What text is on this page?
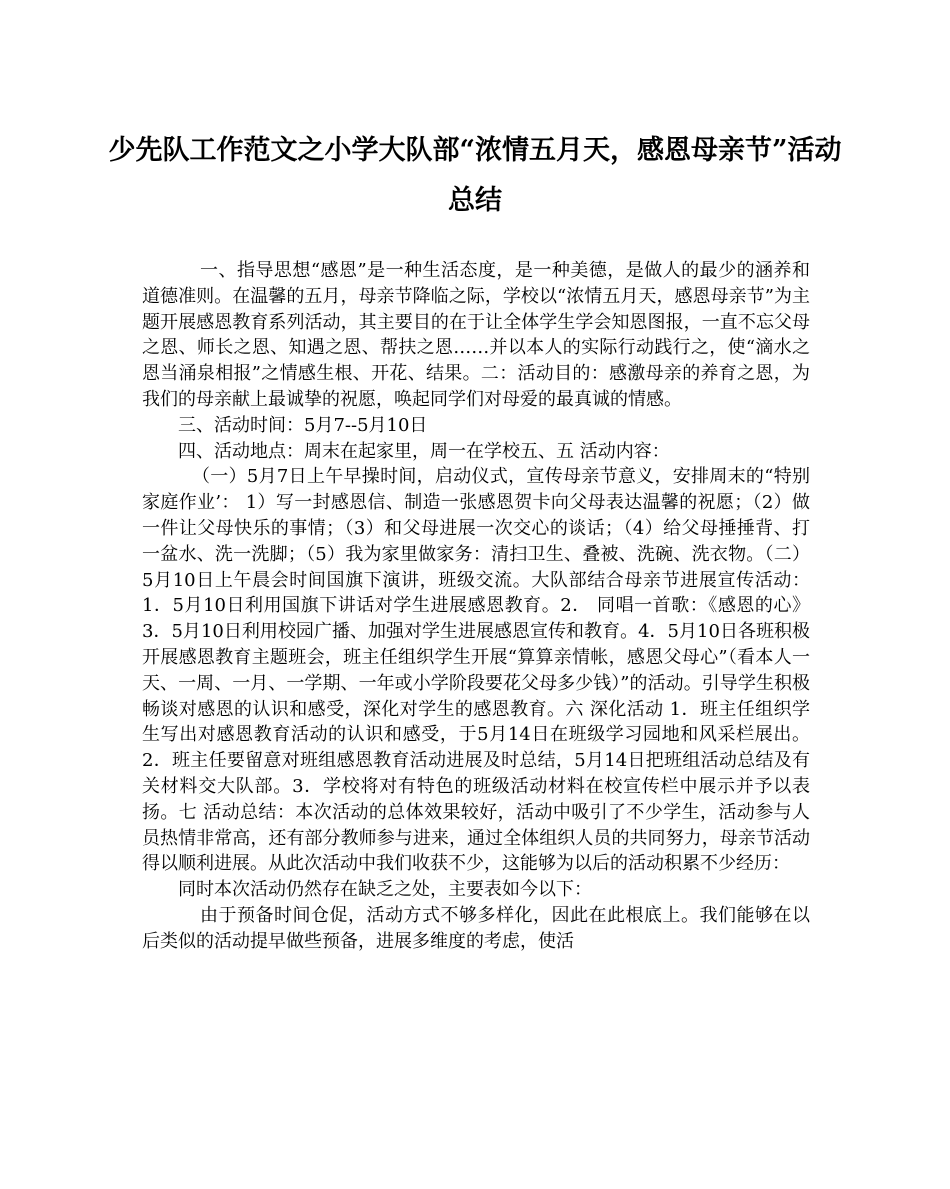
少先队工作范文之小学大队部“浓情五月天，感恩母亲节”活动总结

一、指导思想“感恩”是一种生活态度，是一种美德，是做人的最少的涵养和道德准则。在温馨的五月，母亲节降临之际，学校以“浓情五月天，感恩母亲节”为主题开展感恩教育系列活动，其主要目的在于让全体学生学会知恩图报，一直不忘父母之恩、师长之恩、知遇之恩、帮扶之恩……并以本人的实际行动践行之，使“滴水之恩当涌泉相报”之情感生根、开花、结果。二：活动目的：感激母亲的养育之恩，为我们的母亲献上最诚挚的祝愿，唤起同学们对母爱的最真诚的情感。

三、活动时间：5月7--5月10日

四、活动地点：周末在起家里，周一在学校五、五 活动内容：

（一）5月7日上午早操时间，启动仪式，宣传母亲节意义，安排周末的“特别家庭作业’： 1）写一封感恩信、制造一张感恩贺卡向父母表达温馨的祝愿；（2）做一件让父母快乐的事情；（3）和父母进展一次交心的谈话；（4）给父母捶捶背、打一盆水、洗一洗脚；（5）我为家里做家务：清扫卫生、叠被、洗碗、洗衣物。（二）5月10日上午晨会时间国旗下演讲，班级交流。大队部结合母亲节进展宣传活动：1．5月10日利用国旗下讲话对学生进展感恩教育。2． 同唱一首歌：《感恩的心》3．5月10日利用校园广播、加强对学生进展感恩宣传和教育。4．5月10日各班积极开展感恩教育主题班会，班主任组织学生开展“算算亲情帐，感恩父母心”（看本人一天、一周、一月、一学期、一年或小学阶段要花父母多少钱）”的活动。引导学生积极畅谈对感恩的认识和感受，深化对学生的感恩教育。六 深化活动 1．班主任组织学生写出对感恩教育活动的认识和感受，于5月14日在班级学习园地和风采栏展出。2．班主任要留意对班组感恩教育活动进展及时总结，5月14日把班组活动总结及有关材料交大队部。3．学校将对有特色的班级活动材料在校宣传栏中展示并予以表扬。七 活动总结：本次活动的总体效果较好，活动中吸引了不少学生，活动参与人员热情非常高，还有部分教师参与进来，通过全体组织人员的共同努力，母亲节活动得以顺利进展。从此次活动中我们收获不少，这能够为以后的活动积累不少经历：

同时本次活动仍然存在缺乏之处，主要表如今以下：

由于预备时间仓促，活动方式不够多样化，因此在此根底上。我们能够在以后类似的活动提早做些预备，进展多维度的考虑，使活
